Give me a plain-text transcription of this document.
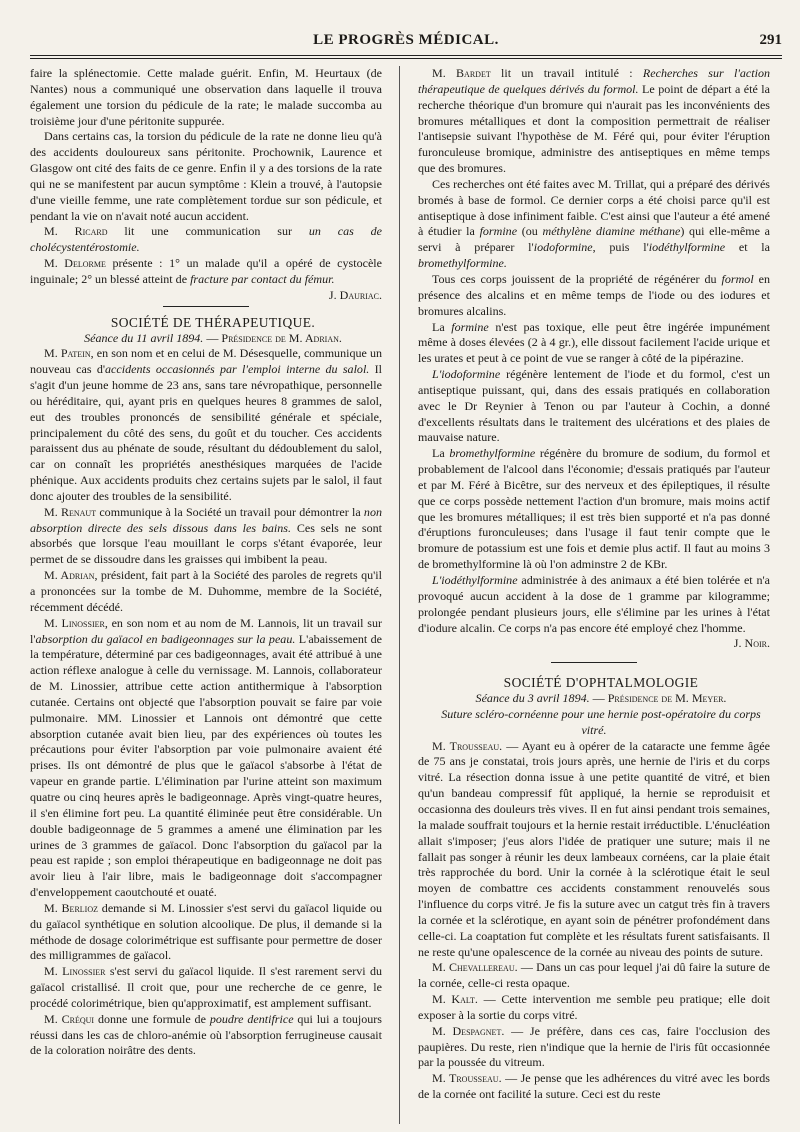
LE PROGRÈS MÉDICAL.	291

faire la splénectomie. Cette malade guérit. Enfin, M. Heurtaux (de Nantes) nous a communiqué une observation dans laquelle il trouva également une torsion du pédicule de la rate; le malade succomba au troisième jour d'une péritonite suppurée.

Dans certains cas, la torsion du pédicule de la rate ne donne lieu qu'à des accidents douloureux sans péritonite. Prochownik, Laurence et Glasgow ont cité des faits de ce genre. Enfin il y a des torsions de la rate qui ne se manifestent par aucun symptôme : Klein a trouvé, à l'autopsie d'une vieille femme, une rate complètement tordue sur son pédicule, et pendant la vie on n'avait noté aucun accident.

M. Ricard lit une communication sur un cas de cholécystentérostomie.

M. Delorme présente : 1° un malade qu'il a opéré de cystocèle inguinale; 2° un blessé atteint de fracture par contact du fémur.
J. Dauriac.

SOCIÉTÉ DE THÉRAPEUTIQUE.

Séance du 11 avril 1894. — Présidence de M. Adrian.

M. Patein, en son nom et en celui de M. Désesquelle, communique un nouveau cas d'accidents occasionnés par l'emploi interne du salol. Il s'agit d'un jeune homme de 23 ans, sans tare névropathique, personnelle ou héréditaire, qui, ayant pris en quelques heures 8 grammes de salol, eut des troubles prononcés de sensibilité générale et spéciale, principalement du côté des sens, du goût et du toucher. Ces accidents paraissent dus au phénate de soude, résultant du dédoublement du salol, car on connaît les propriétés anesthésiques marquées de l'acide phénique. Aux accidents produits chez certains sujets par le salol, il faut donc ajouter des troubles de la sensibilité.

M. Renaut communique à la Société un travail pour démontrer la non absorption directe des sels dissous dans les bains. Ces sels ne sont absorbés que lorsque l'eau mouillant le corps s'étant évaporée, leur permet de se dissoudre dans les graisses qui imbibent la peau.

M. Adrian, président, fait part à la Société des paroles de regrets qu'il a prononcées sur la tombe de M. Duhomme, membre de la Société, récemment décédé.

M. Linossier, en son nom et au nom de M. Lannois, lit un travail sur l'absorption du gaïacol en badigeonnages sur la peau. L'abaissement de la température, déterminé par ces badigeonnages, avait été attribué à une action réflexe analogue à celle du vernissage. M. Lannois, collaborateur de M. Linossier, attribue cette action antithermique à l'absorption cutanée. Certains ont objecté que l'absorption pouvait se faire par voie pulmonaire. MM. Linossier et Lannois ont démontré que cette absorption cutanée avait bien lieu, par des expériences où toutes les précautions pour éviter l'absorption par voie pulmonaire avaient été prises. Ils ont démontré de plus que le gaïacol s'absorbe à l'état de vapeur en grande partie. L'élimination par l'urine atteint son maximum quatre ou cinq heures après le badigeonnage. Après vingt-quatre heures, il s'en élimine fort peu. La quantité éliminée peut être considérable. Un double badigeonnage de 5 grammes a amené une élimination par les urines de 3 grammes de gaïacol. Donc l'absorption du gaïacol par la peau est rapide ; son emploi thérapeutique en badigeonnage ne doit pas avoir lieu à l'air libre, mais le badigeonnage doit s'accompagner d'enveloppement caoutchouté et ouaté.

M. Berlioz demande si M. Linossier s'est servi du gaïacol liquide ou du gaïacol synthétique en solution alcoolique. De plus, il demande si la méthode de dosage colorimétrique est suffisante pour permettre de doser des milligrammes de gaïacol.

M. Linossier s'est servi du gaïacol liquide. Il s'est rarement servi du gaïacol cristallisé. Il croit que, pour une recherche de ce genre, le procédé colorimétrique, bien qu'approximatif, est amplement suffisant.

M. Créqui donne une formule de poudre dentifrice qui lui a toujours réussi dans les cas de chloro-anémie où l'absorption ferrugineuse causait de la coloration noirâtre des dents.

M. Bardet lit un travail intitulé : Recherches sur l'action thérapeutique de quelques dérivés du formol. Le point de départ a été la recherche théorique d'un bromure qui n'aurait pas les inconvénients des bromures métalliques et dont la composition permettrait de réaliser l'antisepsie suivant l'hypothèse de M. Féré qui, pour éviter l'éruption furonculeuse bromique, administre des antiseptiques en même temps que des bromures.

Ces recherches ont été faites avec M. Trillat, qui a préparé des dérivés bromés à base de formol. Ce dernier corps a été choisi parce qu'il est antiseptique à dose infiniment faible. C'est ainsi que l'auteur a été amené à étudier la formine (ou méthylène diamine méthane) qui elle-même a servi à préparer l'iodoformine, puis l'iodéthylformine et la bromethylformine.

Tous ces corps jouissent de la propriété de régénérer du formol en présence des alcalins et en même temps de l'iode ou des iodures et bromures alcalins.

La formine n'est pas toxique, elle peut être ingérée impunément même à doses élevées (2 à 4 gr.), elle dissout facilement l'acide urique et les urates et peut à ce point de vue se ranger à côté de la pipérazine.

L'iodoformine régénère lentement de l'iode et du formol, c'est un antiseptique puissant, qui, dans des essais pratiqués en collaboration avec le Dr Reynier à Tenon ou par l'auteur à Cochin, a donné d'excellents résultats dans le traitement des ulcérations et des plaies de mauvaise nature.

La bromethylformine régénère du bromure de sodium, du formol et probablement de l'alcool dans l'économie; d'essais pratiqués par l'auteur et par M. Féré à Bicêtre, sur des nerveux et des épileptiques, il résulte que ce corps possède nettement l'action d'un bromure, mais moins actif que les bromures métalliques; il est très bien supporté et n'a pas donné d'éruptions furonculeuses; dans l'usage il faut tenir compte que le bromure de potassium est une fois et demie plus actif. Il faut au moins 3 de bromethylformine là où l'on adminstre 2 de KBr.

L'iodéthylformine administrée à des animaux a été bien tolérée et n'a provoqué aucun accident à la dose de 1 gramme par kilogramme; prolongée pendant plusieurs jours, elle s'élimine par les urines à l'état d'iodure alcalin. Ce corps n'a pas encore été employé chez l'homme.
J. Noir.

SOCIÉTÉ D'OPHTALMOLOGIE

Séance du 3 avril 1894. — Présidence de M. Meyer.

Suture scléro-cornéenne pour une hernie post-opératoire du corps vitré.

M. Trousseau. — Ayant eu à opérer de la cataracte une femme âgée de 75 ans je constatai, trois jours après, une hernie de l'iris et du corps vitré. La résection donna issue à une petite quantité de vitré, et bien qu'un bandeau compressif fût appliqué, la hernie se reproduisit et occasionna des douleurs très vives. Il en fut ainsi pendant trois semaines, la malade souffrait toujours et la hernie restait irréductible. L'énucléation allait s'imposer; j'eus alors l'idée de pratiquer une suture; mais il ne fallait pas songer à réunir les deux lambeaux cornéens, car la plaie était très rapprochée du bord. Unir la cornée à la sclérotique était le seul moyen de combattre ces accidents constamment renouvelés sous l'influence du corps vitré. Je fis la suture avec un catgut très fin à travers la cornée et la sclérotique, en ayant soin de pénétrer profondément dans celle-ci. La coaptation fut complète et les résultats furent satisfaisants. Il ne reste qu'une opalescence de la cornée au niveau des points de suture.

M. Chevallereau. — Dans un cas pour lequel j'ai dû faire la suture de la cornée, celle-ci resta opaque.

M. Kalt. — Cette intervention me semble peu pratique; elle doit exposer à la sortie du corps vitré.

M. Despagnet. — Je préfère, dans ces cas, faire l'occlusion des paupières. Du reste, rien n'indique que la hernie de l'iris fût occasionnée par la poussée du vitreum.

M. Trousseau. — Je pense que les adhérences du vitré avec les bords de la cornée ont facilité la suture. Ceci est du reste
